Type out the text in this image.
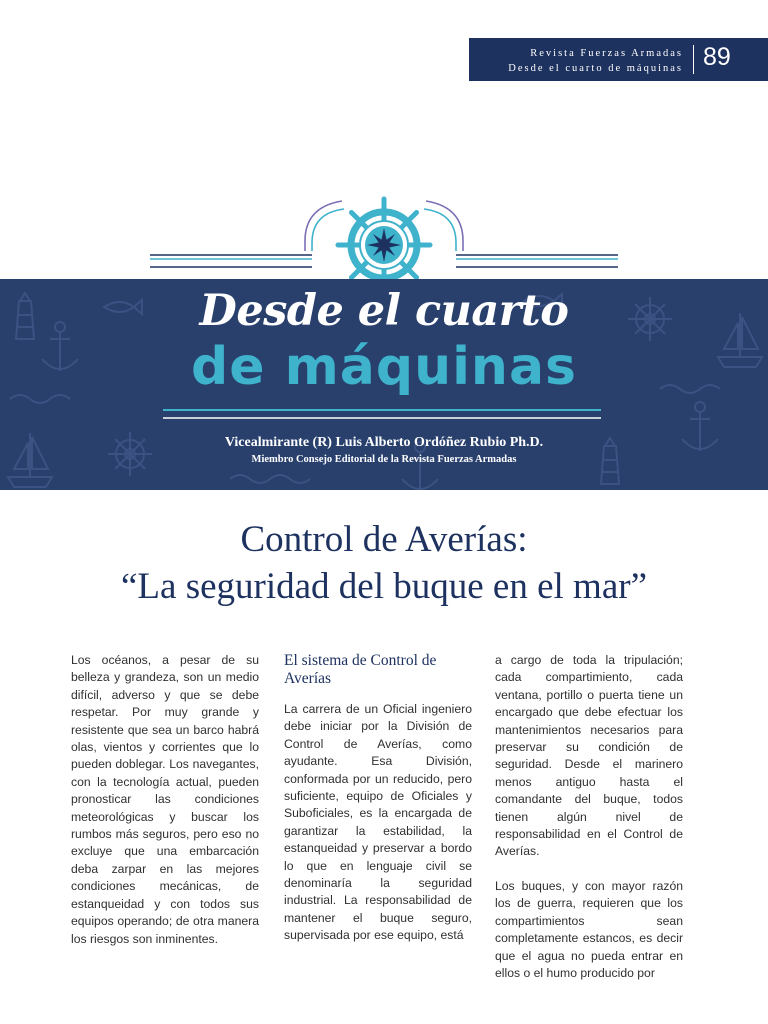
Revista Fuerzas Armadas
Desde el cuarto de máquinas 89
Desde el cuarto
de máquinas
Vicealmirante (R) Luis Alberto Ordóñez Rubio Ph.D.
Miembro Consejo Editorial de la Revista Fuerzas Armadas
Control de Averías:
“La seguridad del buque en el mar”

Los océanos, a pesar de su belleza y grandeza, son un medio difícil, adverso y que se debe respetar. Por muy grande y resistente que sea un barco habrá olas, vientos y corrientes que lo pueden doblegar. Los navegantes, con la tecnología actual, pueden pronosticar las condiciones meteorológicas y buscar los rumbos más seguros, pero eso no excluye que una embarcación deba zarpar en las mejores condiciones mecánicas, de estanqueidad y con todos sus equipos operando; de otra manera los riesgos son inminentes.

El sistema de Control de Averías

La carrera de un Oficial ingeniero debe iniciar por la División de Control de Averías, como ayudante. Esa División, conformada por un reducido, pero suficiente, equipo de Oficiales y Suboficiales, es la encargada de garantizar la estabilidad, la estanqueidad y preservar a bordo lo que en lenguaje civil se denominaría la seguridad industrial. La responsabilidad de mantener el buque seguro, supervisada por ese equipo, está

a cargo de toda la tripulación; cada compartimiento, cada ventana, portillo o puerta tiene un encargado que debe efectuar los mantenimientos necesarios para preservar su condición de seguridad. Desde el marinero menos antiguo hasta el comandante del buque, todos tienen algún nivel de responsabilidad en el Control de Averías.

Los buques, y con mayor razón los de guerra, requieren que los compartimientos sean completamente estancos, es decir que el agua no pueda entrar en ellos o el humo producido por
